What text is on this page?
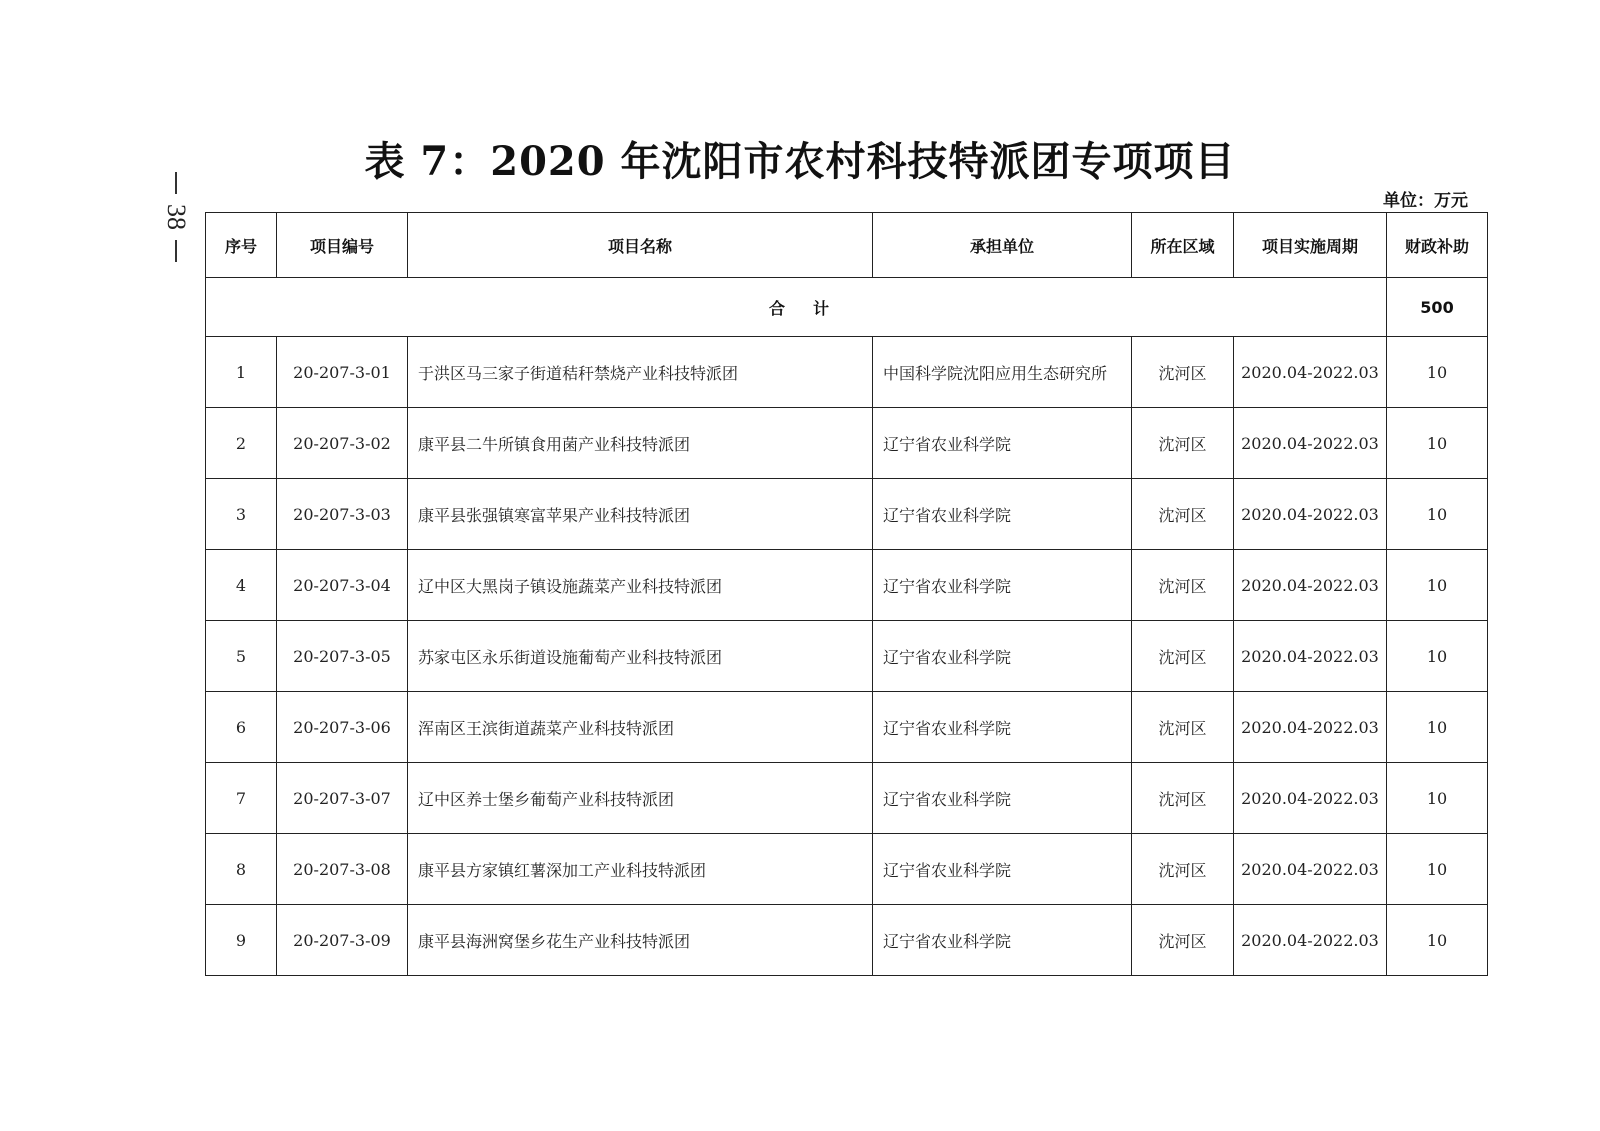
38
表 7：2020 年沈阳市农村科技特派团专项项目
单位：万元
序号	项目编号	项目名称	承担单位	所在区域	项目实施周期	财政补助
合计						500
1	20-207-3-01	于洪区马三家子街道秸秆禁烧产业科技特派团	中国科学院沈阳应用生态研究所	沈河区	2020.04-2022.03	10
2	20-207-3-02	康平县二牛所镇食用菌产业科技特派团	辽宁省农业科学院	沈河区	2020.04-2022.03	10
3	20-207-3-03	康平县张强镇寒富苹果产业科技特派团	辽宁省农业科学院	沈河区	2020.04-2022.03	10
4	20-207-3-04	辽中区大黑岗子镇设施蔬菜产业科技特派团	辽宁省农业科学院	沈河区	2020.04-2022.03	10
5	20-207-3-05	苏家屯区永乐街道设施葡萄产业科技特派团	辽宁省农业科学院	沈河区	2020.04-2022.03	10
6	20-207-3-06	浑南区王滨街道蔬菜产业科技特派团	辽宁省农业科学院	沈河区	2020.04-2022.03	10
7	20-207-3-07	辽中区养士堡乡葡萄产业科技特派团	辽宁省农业科学院	沈河区	2020.04-2022.03	10
8	20-207-3-08	康平县方家镇红薯深加工产业科技特派团	辽宁省农业科学院	沈河区	2020.04-2022.03	10
9	20-207-3-09	康平县海洲窝堡乡花生产业科技特派团	辽宁省农业科学院	沈河区	2020.04-2022.03	10
